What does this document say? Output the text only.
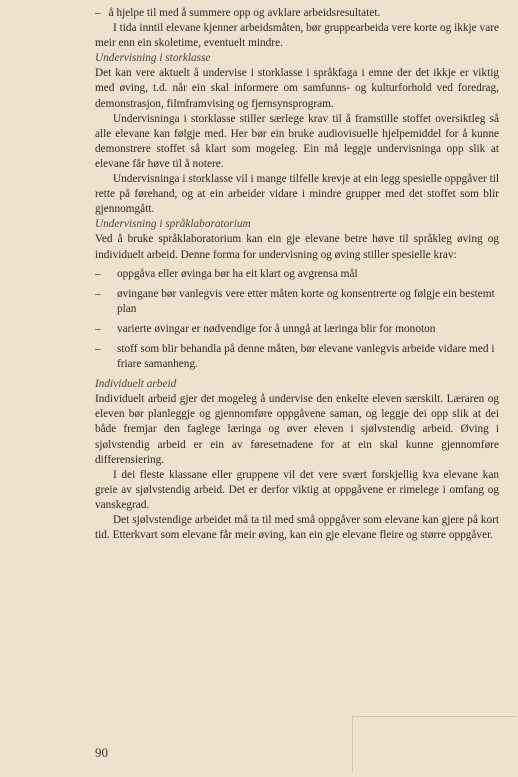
– å hjelpe til med å summere opp og avklare arbeidsresultatet.

I tida inntil elevane kjenner arbeidsmåten, bør gruppearbeida vere korte og ikkje vare meir enn ein skoletime, eventuelt mindre.

Undervisning i storklasse

Det kan vere aktuelt å undervise i storklasse i språkfaga i emne der det ikkje er viktig med øving, t.d. når ein skal informere om samfunns- og kulturforhold ved foredrag, demonstrasjon, filmframvising og fjernsynsprogram.

Undervisninga i storklasse stiller særlege krav til å framstille stoffet oversiktleg så alle elevane kan følgje med. Her bør ein bruke audiovisuelle hjelpemiddel for å kunne demonstrere stoffet så klart som mogeleg. Ein må leggje undervisninga opp slik at elevane får høve til å notere.

Undervisninga i storklasse vil i mange tilfelle krevje at ein legg spesielle oppgåver til rette på førehand, og at ein arbeider vidare i mindre grupper med det stoffet som blir gjennomgått.

Undervisning i språklaboratorium

Ved å bruke språklaboratorium kan ein gje elevane betre høve til språkleg øving og individuelt arbeid. Denne forma for undervisning og øving stiller spesielle krav:

– oppgåva eller øvinga bør ha eit klart og avgrensa mål
– øvingane bør vanlegvis vere etter måten korte og konsentrerte og følgje ein bestemt plan
– varierte øvingar er nødvendige for å unngå at læringa blir for monoton
– stoff som blir behandla på denne måten, bør elevane vanlegvis arbeide vidare med i friare samanheng.

Individuelt arbeid

Individuelt arbeid gjer det mogeleg å undervise den enkelte eleven særskilt. Læraren og eleven bør planleggje og gjennomføre oppgåvene saman, og leggje dei opp slik at dei både fremjar den faglege læringa og øver eleven i sjølvstendig arbeid. Øving i sjølvstendig arbeid er ein av føresetnadene for at ein skal kunne gjennomføre differensiering.

I dei fleste klassane eller gruppene vil det vere svært forskjellig kva elevane kan greie av sjølvstendig arbeid. Det er derfor viktig at oppgåvene er rimelege i omfang og vanskegrad.

Det sjølvstendige arbeidet må ta til med små oppgåver som elevane kan gjere på kort tid. Etterkvart som elevane får meir øving, kan ein gje elevane fleire og større oppgåver.

90
